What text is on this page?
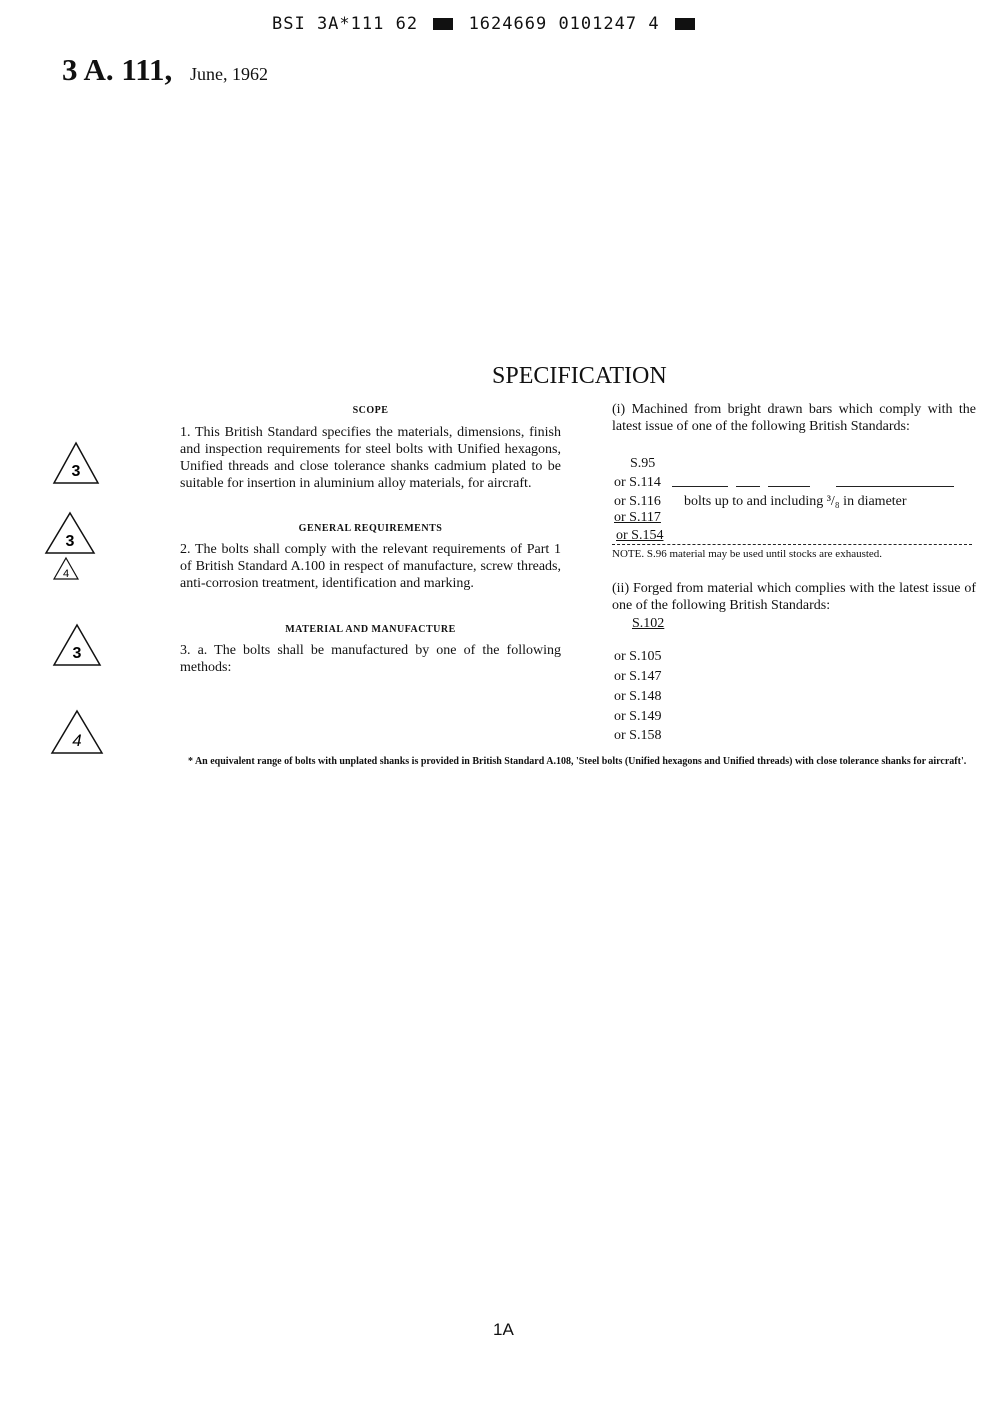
BSI 3A*111 62	1624669 0101247 4
3 A. 111, June, 1962
SPECIFICATION
SCOPE
1. This British Standard specifies the materials, dimensions, finish and inspection requirements for steel bolts with Unified hexagons, Unified threads and close tolerance shanks cadmium plated to be suitable for insertion in aluminium alloy materials, for aircraft.
GENERAL REQUIREMENTS
2. The bolts shall comply with the relevant requirements of Part 1 of British Standard A.100 in respect of manufacture, screw threads, anti-corrosion treatment, identification and marking.
MATERIAL AND MANUFACTURE
3. a. The bolts shall be manufactured by one of the following methods:
(i) Machined from bright drawn bars which comply with the latest issue of one of the following British Standards:
S.95
or S.114
or S.116 bolts up to and including ³/₈ in diameter
or S.117
or S.154
NOTE. S.96 material may be used until stocks are exhausted.
(ii) Forged from material which complies with the latest issue of one of the following British Standards:
S.102
or S.105
or S.147
or S.148
or S.149
or S.158
3
3
4
3
4
* An equivalent range of bolts with unplated shanks is provided in British Standard A.108, 'Steel bolts (Unified hexagons and Unified threads) with close tolerance shanks for aircraft'.
1A
